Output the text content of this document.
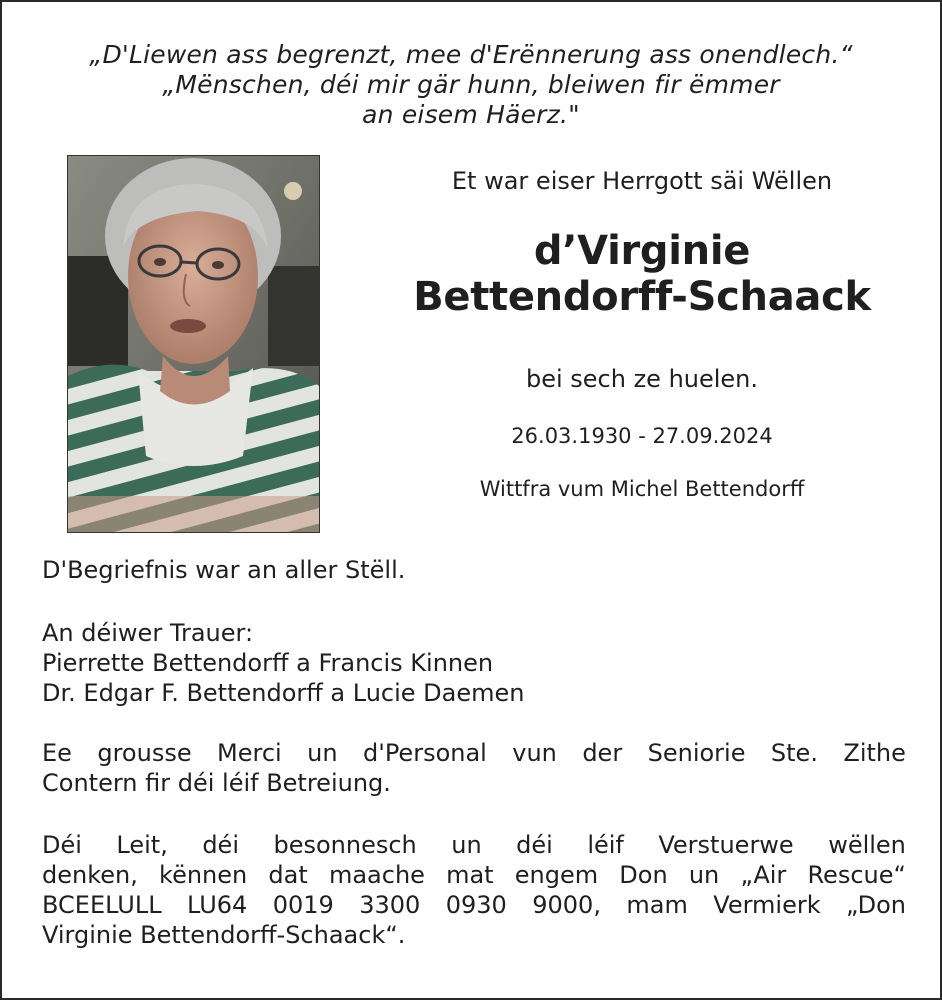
„D'Liewen ass begrenzt, mee d'Erënnerung ass onendlech.“
„Mënschen, déi mir gär hunn, bleiwen fir ëmmer
an eisem Häerz."
Et war eiser Herrgott säi Wëllen
d’Virginie
Bettendorff-Schaack
bei sech ze huelen.
26.03.1930 - 27.09.2024
Wittfra vum Michel Bettendorff
D'Begriefnis war an aller Stëll.
An déiwer Trauer:
Pierrette Bettendorff a Francis Kinnen
Dr. Edgar F. Bettendorff a Lucie Daemen
Ee grousse Merci un d'Personal vun der Seniorie Ste. Zithe
Contern fir déi léif Betreiung.
Déi Leit, déi besonnesch un déi léif Verstuerwe wëllen
denken, kënnen dat maache mat engem Don un „Air Rescue“
BCEELULL LU64 0019 3300 0930 9000, mam Vermierk „Don
Virginie Bettendorff-Schaack“.
